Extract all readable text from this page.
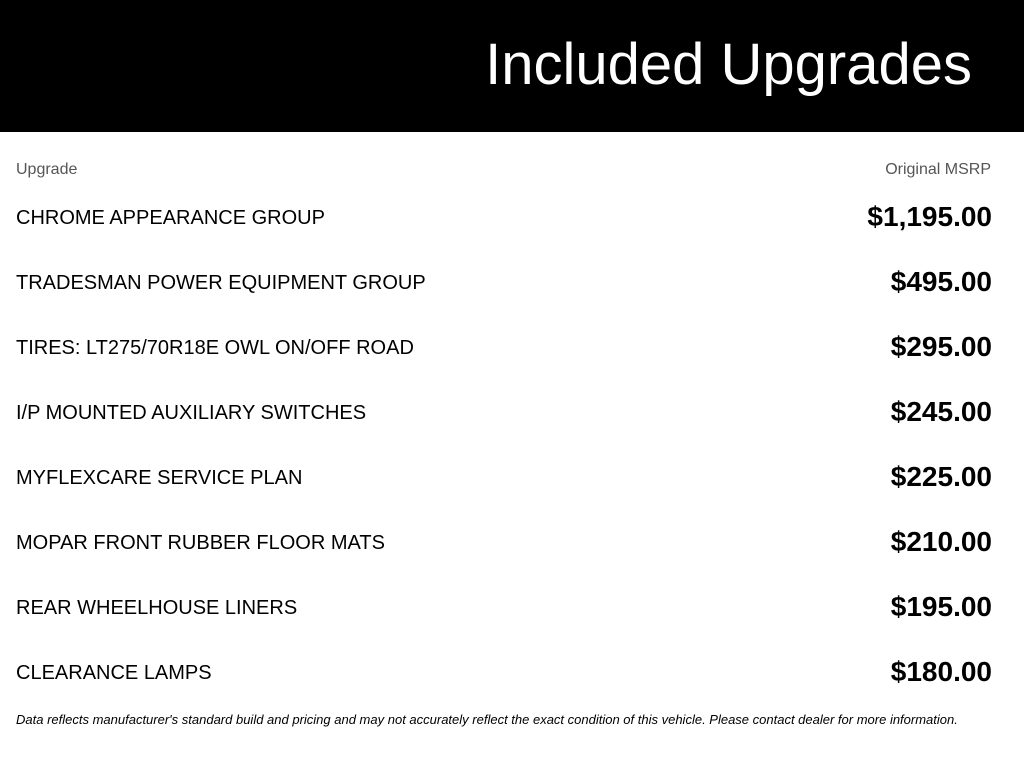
Included Upgrades
Upgrade	Original MSRP
CHROME APPEARANCE GROUP	$1,195.00
TRADESMAN POWER EQUIPMENT GROUP	$495.00
TIRES: LT275/70R18E OWL ON/OFF ROAD	$295.00
I/P MOUNTED AUXILIARY SWITCHES	$245.00
MYFLEXCARE SERVICE PLAN	$225.00
MOPAR FRONT RUBBER FLOOR MATS	$210.00
REAR WHEELHOUSE LINERS	$195.00
CLEARANCE LAMPS	$180.00

Data reflects manufacturer's standard build and pricing and may not accurately reflect the exact condition of this vehicle. Please contact dealer for more information.
